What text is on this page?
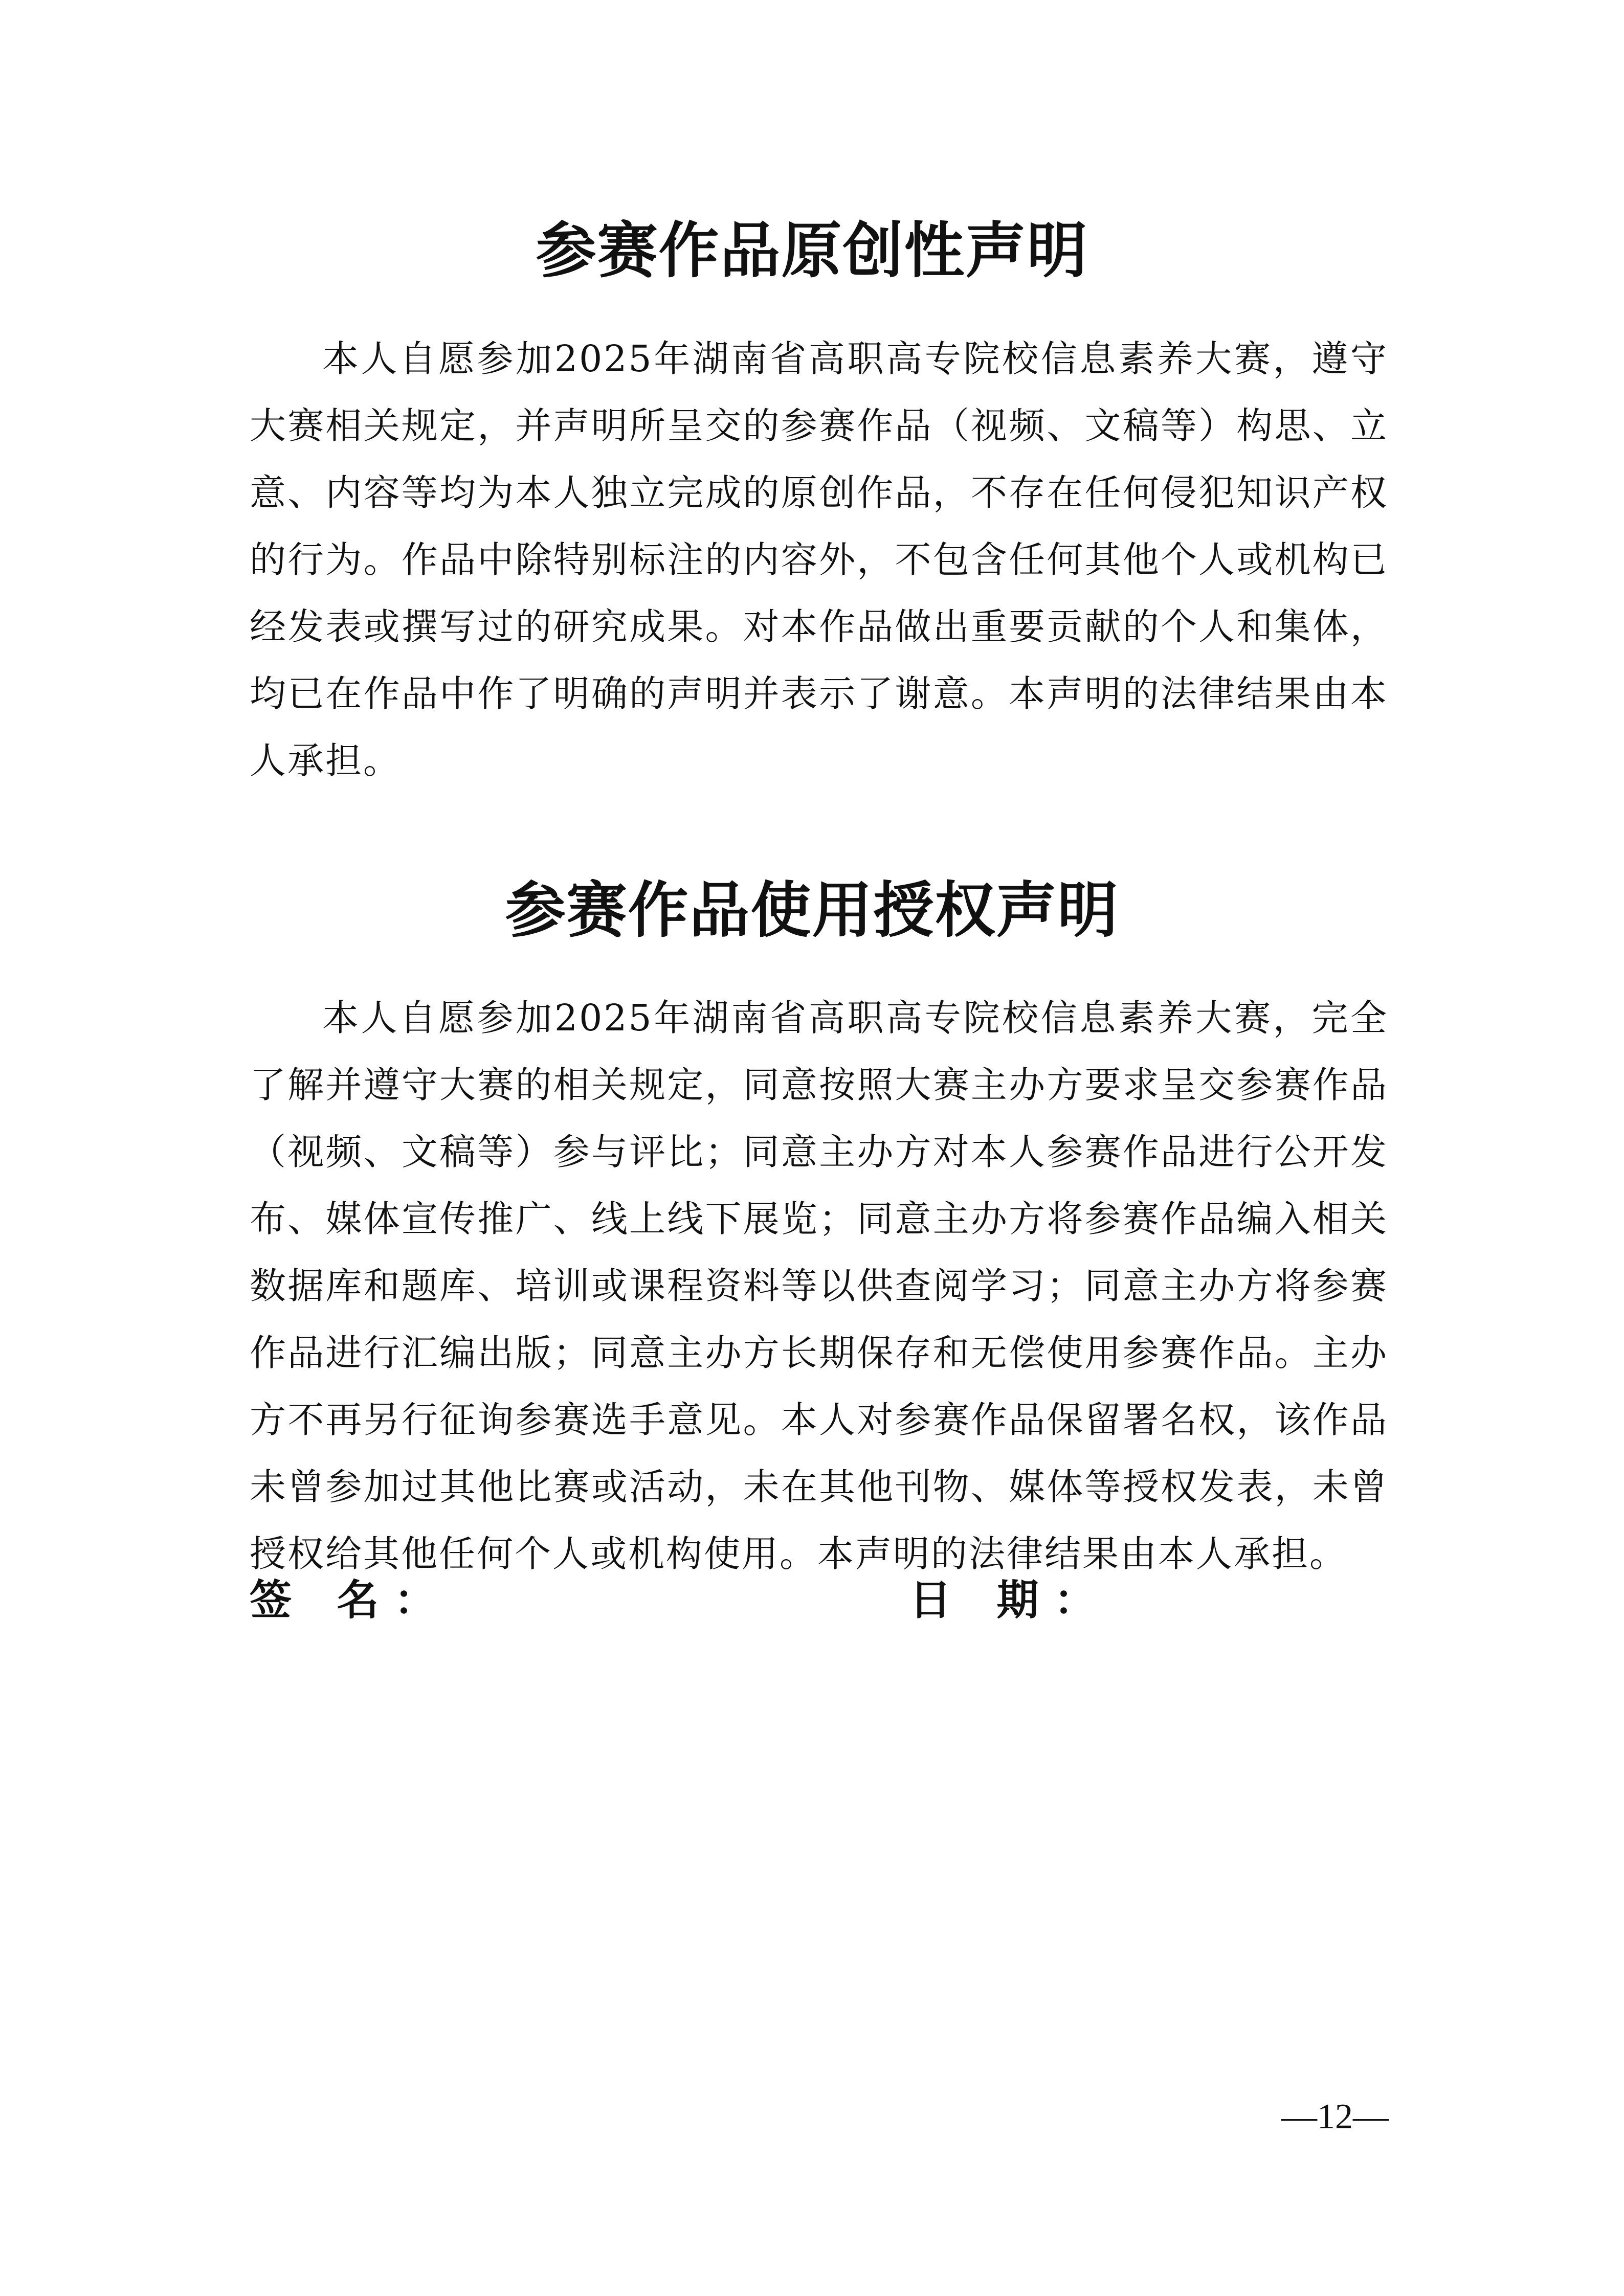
参赛作品原创性声明

本人自愿参加2025年湖南省高职高专院校信息素养大赛，遵守大赛相关规定，并声明所呈交的参赛作品（视频、文稿等）构思、立意、内容等均为本人独立完成的原创作品，不存在任何侵犯知识产权的行为。作品中除特别标注的内容外，不包含任何其他个人或机构已经发表或撰写过的研究成果。对本作品做出重要贡献的个人和集体，均已在作品中作了明确的声明并表示了谢意。本声明的法律结果由本人承担。

参赛作品使用授权声明

本人自愿参加2025年湖南省高职高专院校信息素养大赛，完全了解并遵守大赛的相关规定，同意按照大赛主办方要求呈交参赛作品（视频、文稿等）参与评比；同意主办方对本人参赛作品进行公开发布、媒体宣传推广、线上线下展览；同意主办方将参赛作品编入相关数据库和题库、培训或课程资料等以供查阅学习；同意主办方将参赛作品进行汇编出版；同意主办方长期保存和无偿使用参赛作品。主办方不再另行征询参赛选手意见。本人对参赛作品保留署名权，该作品未曾参加过其他比赛或活动，未在其他刊物、媒体等授权发表，未曾授权给其他任何个人或机构使用。本声明的法律结果由本人承担。

签 名：	日 期：
—12—
